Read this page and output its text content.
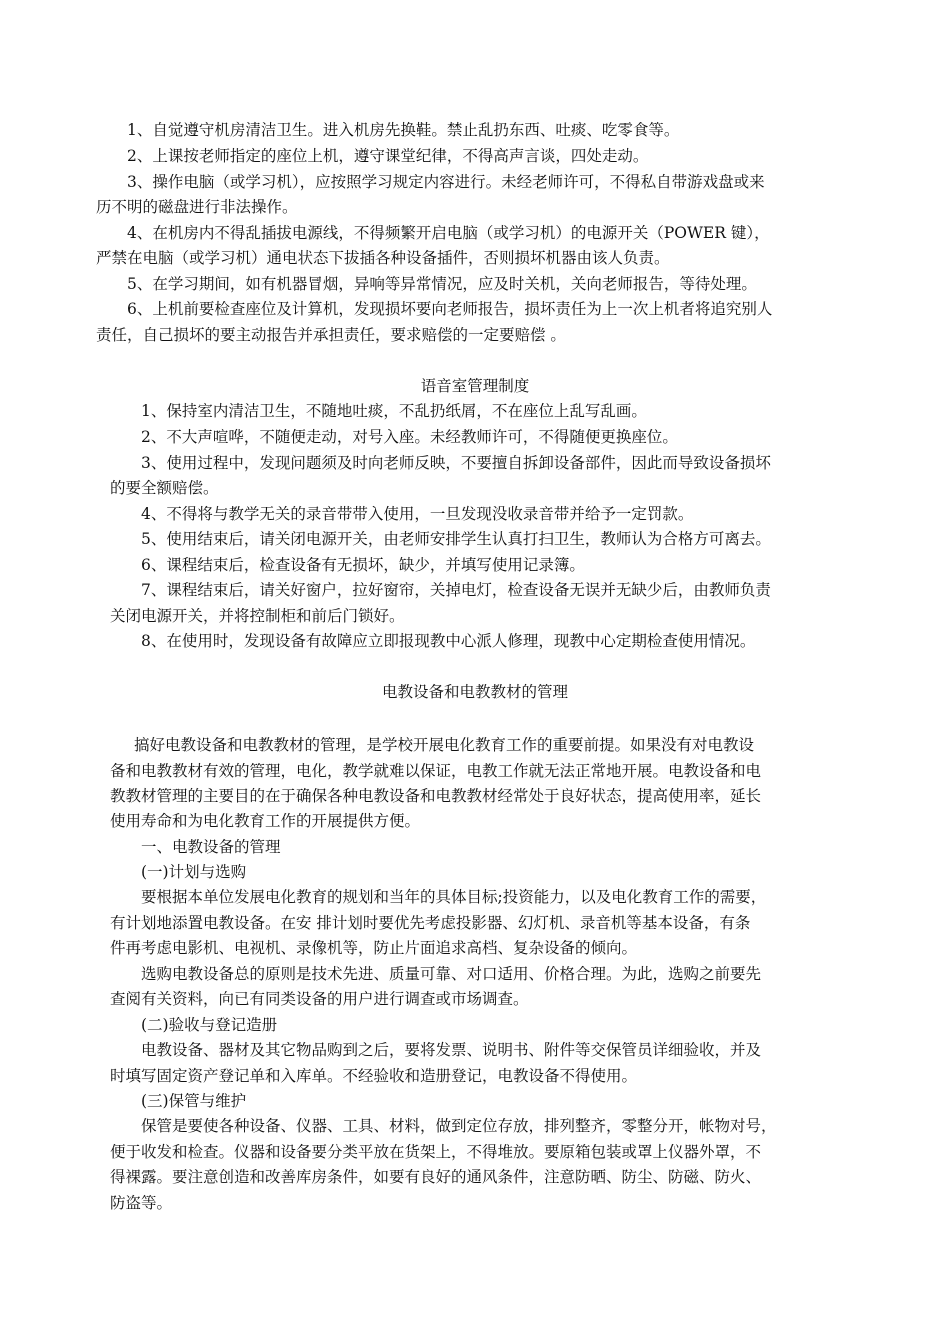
1、自觉遵守机房清洁卫生。进入机房先换鞋。禁止乱扔东西、吐痰、吃零食等。
2、上课按老师指定的座位上机，遵守课堂纪律，不得高声言谈，四处走动。
3、操作电脑（或学习机），应按照学习规定内容进行。未经老师许可，不得私自带游戏盘或来
历不明的磁盘进行非法操作。
4、在机房内不得乱插拔电源线，不得频繁开启电脑（或学习机）的电源开关（POWER 键），
严禁在电脑（或学习机）通电状态下拔插各种设备插件，否则损坏机器由该人负责。
5、在学习期间，如有机器冒烟，异响等异常情况，应及时关机，关向老师报告，等待处理。
6、上机前要检查座位及计算机，发现损坏要向老师报告，损坏责任为上一次上机者将追究别人
责任，自己损坏的要主动报告并承担责任，要求赔偿的一定要赔偿 。
语音室管理制度
1、保持室内清洁卫生，不随地吐痰，不乱扔纸屑，不在座位上乱写乱画。
2、不大声喧哗，不随便走动，对号入座。未经教师许可，不得随便更换座位。
3、使用过程中，发现问题须及时向老师反映，不要擅自拆卸设备部件，因此而导致设备损坏
的要全额赔偿。
4、不得将与教学无关的录音带带入使用，一旦发现没收录音带并给予一定罚款。
5、使用结束后，请关闭电源开关，由老师安排学生认真打扫卫生，教师认为合格方可离去。
6、课程结束后，检查设备有无损坏，缺少，并填写使用记录簿。
7、课程结束后，请关好窗户，拉好窗帘，关掉电灯，检查设备无误并无缺少后，由教师负责
关闭电源开关，并将控制柜和前后门锁好。
8、在使用时，发现设备有故障应立即报现教中心派人修理，现教中心定期检查使用情况。
电教设备和电教教材的管理
搞好电教设备和电教教材的管理，是学校开展电化教育工作的重要前提。如果没有对电教设
备和电教教材有效的管理，电化，教学就难以保证，电教工作就无法正常地开展。电教设备和电
教教材管理的主要目的在于确保各种电教设备和电教教材经常处于良好状态，提高使用率，延长
使用寿命和为电化教育工作的开展提供方便。
一、电教设备的管理
(一)计划与选购
要根据本单位发展电化教育的规划和当年的具体目标;投资能力，以及电化教育工作的需要，
有计划地添置电教设备。在安 排计划时要优先考虑投影器、幻灯机、录音机等基本设备，有条
件再考虑电影机、电视机、录像机等，防止片面追求高档、复杂设备的倾向。
选购电教设备总的原则是技术先进、质量可靠、对口适用、价格合理。为此，选购之前要先
查阅有关资料，向已有同类设备的用户进行调查或市场调查。
(二)验收与登记造册
电教设备、器材及其它物品购到之后，要将发票、说明书、附件等交保管员详细验收，并及
时填写固定资产登记单和入库单。不经验收和造册登记，电教设备不得使用。
(三)保管与维护
保管是要使各种设备、仪器、工具、材料，做到定位存放，排列整齐，零整分开，帐物对号，
便于收发和检查。仪器和设备要分类平放在货架上，不得堆放。要原箱包装或罩上仪器外罩，不
得裸露。要注意创造和改善库房条件，如要有良好的通风条件，注意防晒、防尘、防磁、防火、
防盗等。
